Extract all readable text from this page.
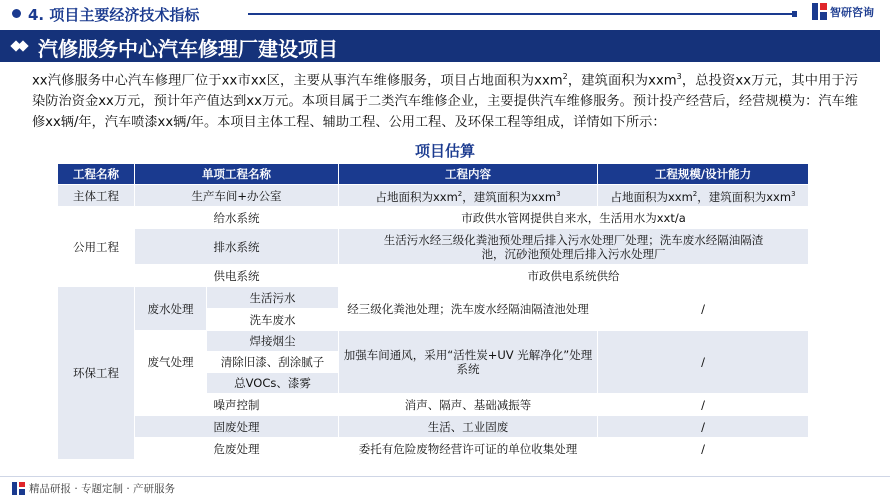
4. 项目主要经济技术指标	智研咨询
汽修服务中心汽车修理厂建设项目
xx汽修服务中心汽车修理厂位于xx市xx区，主要从事汽车维修服务，项目占地面积为xxm$^2$，建筑面积为xxm$^3$，总投资xx万元，其中用于污染防治资金xx万元，预计年产值达到xx万元。本项目属于二类汽车维修企业，主要提供汽车维修服务。预计投产经营后，经营规模为：汽车维修xx辆/年，汽车喷漆xx辆/年。本项目主体工程、辅助工程、公用工程、及环保工程等组成，详情如下所示：
项目估算
工程名称	单项工程名称		工程内容	工程规模/设计能力
主体工程	生产车间+办公室		占地面积为xxm$^2$，建筑面积为xxm$^3$	占地面积为xxm$^2$，建筑面积为xxm$^3$
公用工程	给水系统		市政供水管网提供自来水，生活用水为xxt/a	
	排水系统		生活污水经三级化粪池预处理后排入污水处理厂处理；洗车废水经隔油隔渣池，沉砂池预处理后排入污水处理厂	
	供电系统		市政供电系统供给	
环保工程	废水处理	生活污水	经三级化粪池处理；洗车废水经隔油隔渣池处理	/
		洗车废水		
	废气处理	焊接烟尘	加强车间通风，采用“活性炭+UV 光解净化”处理系统	/
		清除旧漆、刮涂腻子		
		总VOCs、漆雾		
	噪声控制		消声、隔声、基础减振等	/
	固废处理		生活、工业固废	/
	危废处理		委托有危险废物经营许可证的单位收集处理	/
精品研报 · 专题定制 · 产研服务
